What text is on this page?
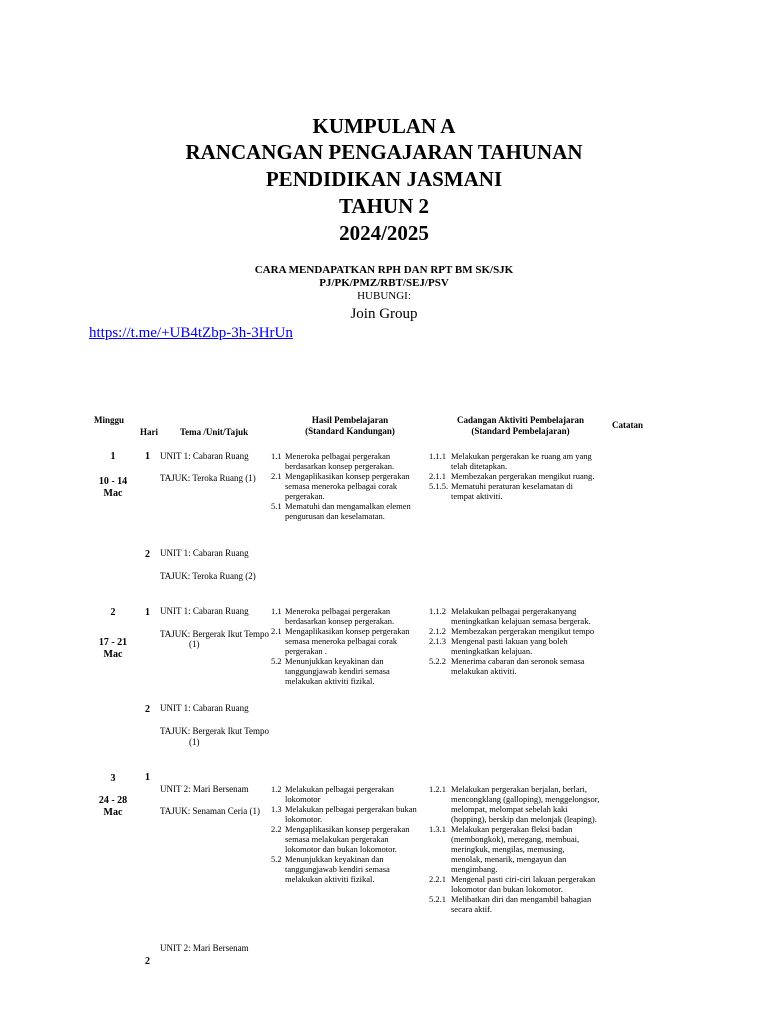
KUMPULAN A
RANCANGAN PENGAJARAN TAHUNAN
PENDIDIKAN JASMANI
TAHUN 2
2024/2025
CARA MENDAPATKAN RPH DAN RPT BM SK/SJK
PJ/PK/PMZ/RBT/SEJ/PSV
HUBUNGI:
Join Group
https://t.me/+UB4tZbp-3h-3HrUn
Minggu
Hari Tema /Unit/Tajuk
Hasil Pembelajaran
(Standard Kandungan)
Cadangan Aktiviti Pembelajaran
(Standard Pembelajaran)
Catatan
1
10 - 14
Mac
1 UNIT 1: Cabaran Ruang
TAJUK: Teroka Ruang (1)
1.1 Meneroka pelbagai pergerakan
berdasarkan konsep pergerakan.
2.1 Mengaplikasikan konsep pergerakan
semasa meneroka pelbagai corak
pergerakan.
5.1 Mematuhi dan mengamalkan elemen
pengurusan dan keselamatan.
1.1.1 Melakukan pergerakan ke ruang am yang
telah ditetapkan.
2.1.1 Membezakan pergerakan mengikut ruang.
5.1.5. Mematuhi peraturan keselamatan di
tempat aktiviti.
2 UNIT 1: Cabaran Ruang
TAJUK: Teroka Ruang (2)
2
17 - 21
Mac
1 UNIT 1: Cabaran Ruang
TAJUK: Bergerak Ikut Tempo
(1)
1.1 Meneroka pelbagai pergerakan
berdasarkan konsep pergerakan.
2.1 Mengaplikasikan konsep pergerakan
semasa meneroka pelbagai corak
pergerakan .
5.2 Menunjukkan keyakinan dan
tanggungjawab kendiri semasa
melakukan aktiviti fizikal.
1.1.2 Melakukan pelbagai pergerakanyang
meningkatkan kelajuan semasa bergerak.
2.1.2 Membezakan pergerakan mengikut tempo
2.1.3 Mengenal pasti lakuan yang boleh
meningkatkan kelajuan.
5.2.2 Menerima cabaran dan seronok semasa
melakukan aktiviti.
2 UNIT 1: Cabaran Ruang
TAJUK: Bergerak Ikut Tempo
(1)
3
24 - 28
Mac
1
UNIT 2: Mari Bersenam
TAJUK: Senaman Ceria (1)
1.2 Melakukan pelbagai pergerakan
lokomotor
1.3 Melakukan pelbagai pergerakan bukan
lokomotor.
2.2 Mengaplikasikan konsep pergerakan
semasa melakukan pergerakan
lokomotor dan bukan lokomotor.
5.2 Menunjukkan keyakinan dan
tanggungjawab kendiri semasa
melakukan aktiviti fizikal.
1.2.1 Melakukan pergerakan berjalan, berlari,
mencongklang (galloping), menggelongsor,
melompat, melompat sebelah kaki
(hopping), berskip dan melonjak (leaping).
1.3.1 Melakukan pergerakan fleksi badan
(membongkok), meregang, membuai,
meringkuk, mengilas, memusing,
menolak, menarik, mengayun dan
mengimbang.
2.2.1 Mengenal pasti ciri-ciri lakuan pergerakan
lokomotor dan bukan lokomotor.
5.2.1 Melibatkan diri dan mengambil bahagian
secara aktif.
UNIT 2: Mari Bersenam
2
